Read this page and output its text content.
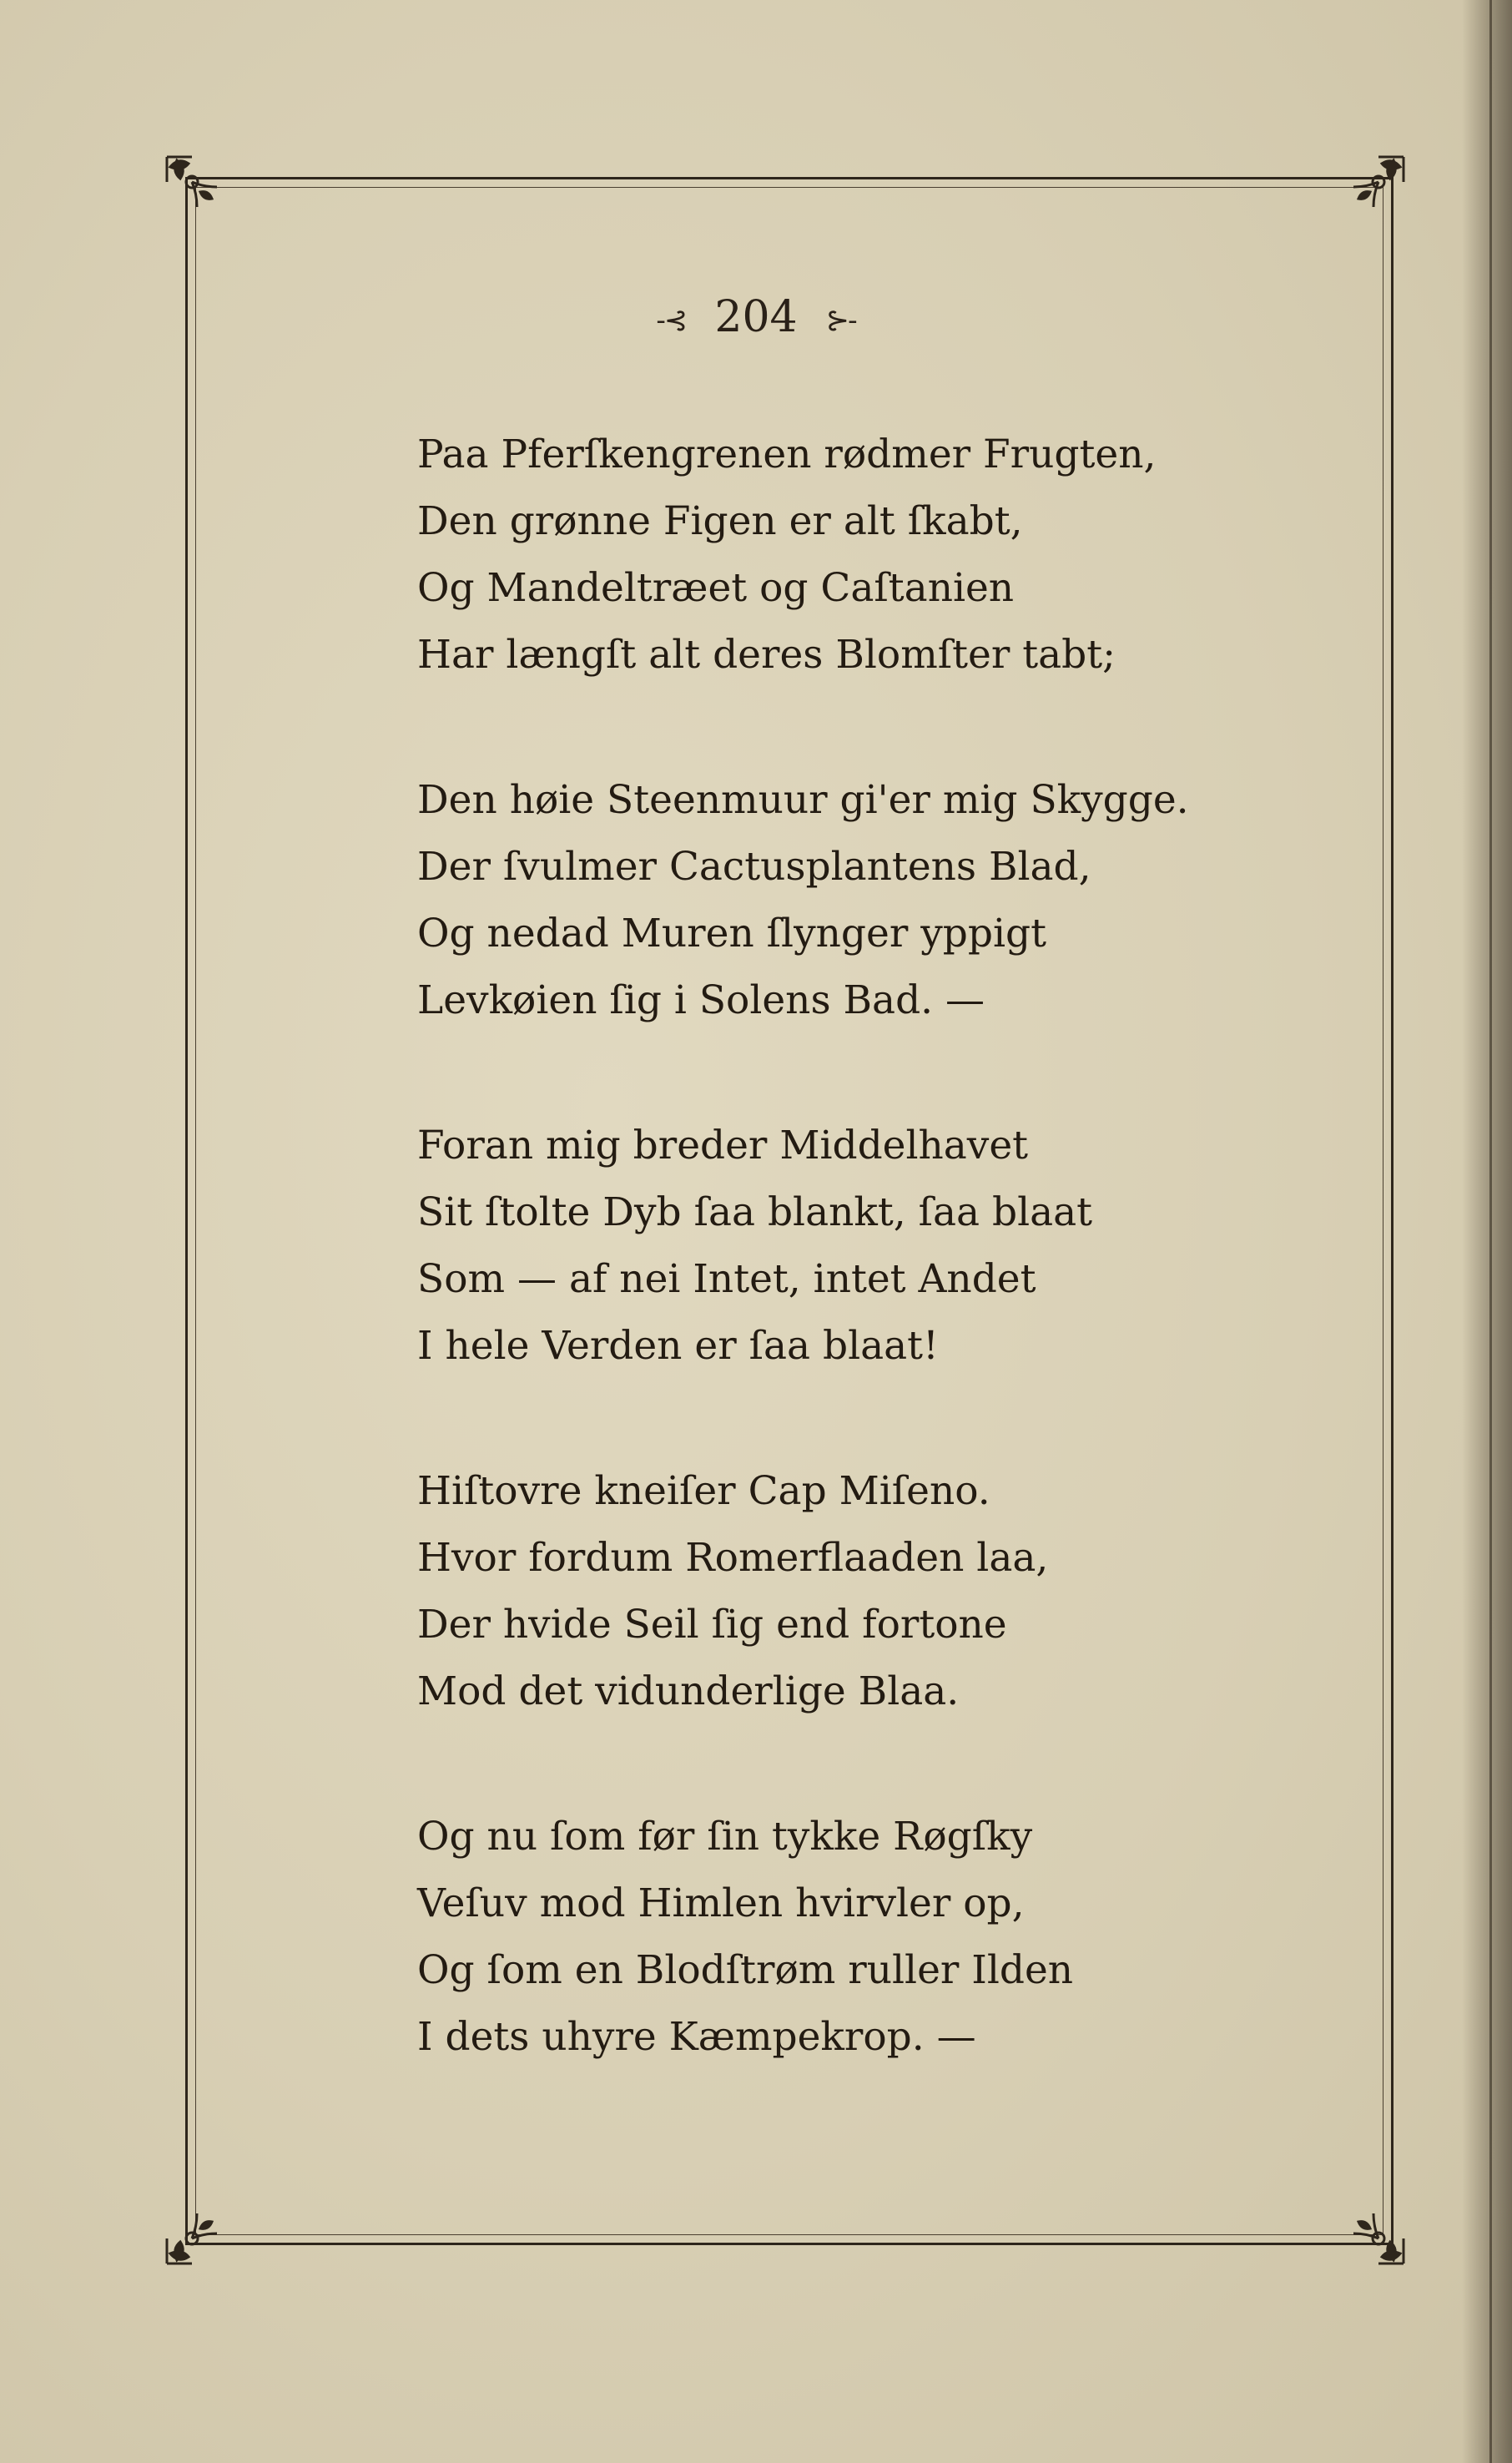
-⊰ 204 ⊱-
Paa Pferſkengrenen rødmer Frugten,
Den grønne Figen er alt ſkabt,
Og Mandeltræet og Caſtanien
Har længſt alt deres Blomſter tabt;
Den høie Steenmuur gi'er mig Skygge.
Der ſvulmer Cactusplantens Blad,
Og nedad Muren ſlynger yppigt
Levkøien ſig i Solens Bad. —
Foran mig breder Middelhavet
Sit ſtolte Dyb ſaa blankt, ſaa blaat
Som — af nei Intet, intet Andet
I hele Verden er ſaa blaat!
Hiſtovre kneiſer Cap Miſeno.
Hvor fordum Romerflaaden laa,
Der hvide Seil ſig end fortone
Mod det vidunderlige Blaa.
Og nu ſom før ſin tykke Røgſky
Veſuv mod Himlen hvirvler op,
Og ſom en Blodſtrøm ruller Ilden
I dets uhyre Kæmpekrop. —
